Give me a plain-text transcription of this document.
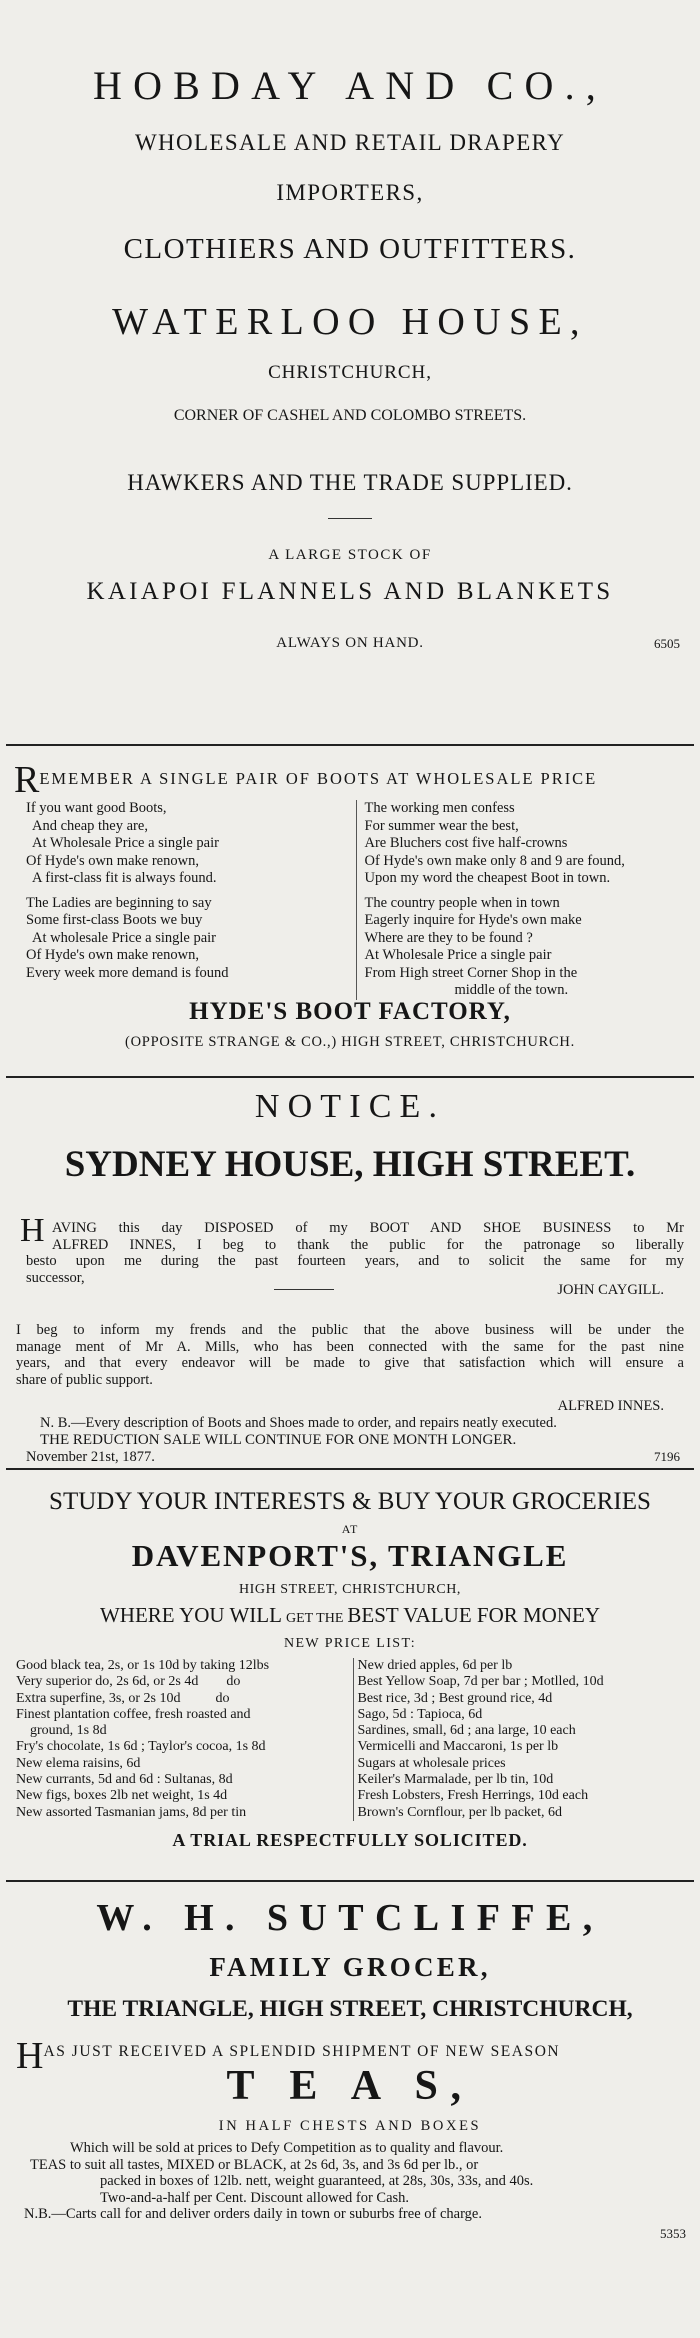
HOBDAY AND CO.,
WHOLESALE AND RETAIL DRAPERY
IMPORTERS,
CLOTHIERS AND OUTFITTERS.
WATERLOO HOUSE,
CHRISTCHURCH,
CORNER OF CASHEL AND COLOMBO STREETS.
HAWKERS AND THE TRADE SUPPLIED.
A LARGE STOCK OF
KAIAPOI FLANNELS AND BLANKETS
ALWAYS ON HAND.	6505
REMEMBER A SINGLE PAIR OF BOOTS AT WHOLESALE PRICE
If you want good Boots,
And cheap they are,
At Wholesale Price a single pair
Of Hyde's own make renown,
A first-class fit is always found.
The Ladies are beginning to say
Some first-class Boots we buy
At wholesale Price a single pair
Of Hyde's own make renown,
Every week more demand is found
The working men confess
For summer wear the best,
Are Bluchers cost five half-crowns
Of Hyde's own make only 8 and 9 are found,
Upon my word the cheapest Boot in town.
The country people when in town
Eagerly inquire for Hyde's own make
Where are they to be found ?
At Wholesale Price a single pair
From High street Corner Shop in the
middle of the town.
HYDE'S BOOT FACTORY,
(OPPOSITE STRANGE & CO.,) HIGH STREET, CHRISTCHURCH.
NOTICE.
SYDNEY HOUSE, HIGH STREET.
H AVING this day DISPOSED of my BOOT AND SHOE BUSINESS to Mr
ALFRED INNES, I beg to thank the public for the patronage so liberally
besto upon me during the past fourteen years, and to solicit the same for my
successor,
JOHN CAYGILL.
I beg to inform my frends and the public that the above business will be under the
manage ment of Mr A. Mills, who has been connected with the same for the past nine
years, and that every endeavor will be made to give that satisfaction which will ensure a
share of public support.
ALFRED INNES.
N. B.—Every description of Boots and Shoes made to order, and repairs neatly executed.
THE REDUCTION SALE WILL CONTINUE FOR ONE MONTH LONGER.
November 21st, 1877.	7196
STUDY YOUR INTERESTS & BUY YOUR GROCERIES
AT
DAVENPORT'S, TRIANGLE
HIGH STREET, CHRISTCHURCH,
WHERE YOU WILL GET THE BEST VALUE FOR MONEY
NEW PRICE LIST:
Good black tea, 2s, or 1s 10d by taking 12lbs
Very superior do, 2s 6d, or 2s 4d        do
Extra superfine, 3s, or 2s 10d          do
Finest plantation coffee, fresh roasted and
ground, 1s 8d
Fry's chocolate, 1s 6d ; Taylor's cocoa, 1s 8d
New elema raisins, 6d
New currants, 5d and 6d : Sultanas, 8d
New figs, boxes 2lb net weight, 1s 4d
New assorted Tasmanian jams, 8d per tin
New dried apples, 6d per lb
Best Yellow Soap, 7d per bar ; Motlled, 10d
Best rice, 3d ; Best ground rice, 4d
Sago, 5d : Tapioca, 6d
Sardines, small, 6d ; ana large, 10 each
Vermicelli and Maccaroni, 1s per lb
Sugars at wholesale prices
Keiler's Marmalade, per lb tin, 10d
Fresh Lobsters, Fresh Herrings, 10d each
Brown's Cornflour, per lb packet, 6d
A TRIAL RESPECTFULLY SOLICITED.
W. H. SUTCLIFFE,
FAMILY GROCER,
THE TRIANGLE, HIGH STREET, CHRISTCHURCH,
HAS JUST RECEIVED A SPLENDID SHIPMENT OF NEW SEASON
T E A S,
IN HALF CHESTS AND BOXES
Which will be sold at prices to Defy Competition as to quality and flavour.
TEAS to suit all tastes, MIXED or BLACK, at 2s 6d, 3s, and 3s 6d per lb., or
packed in boxes of 12lb. nett, weight guaranteed, at 28s, 30s, 33s, and 40s.
Two-and-a-half per Cent. Discount allowed for Cash.
N.B.—Carts call for and deliver orders daily in town or suburbs free of charge.
5353
